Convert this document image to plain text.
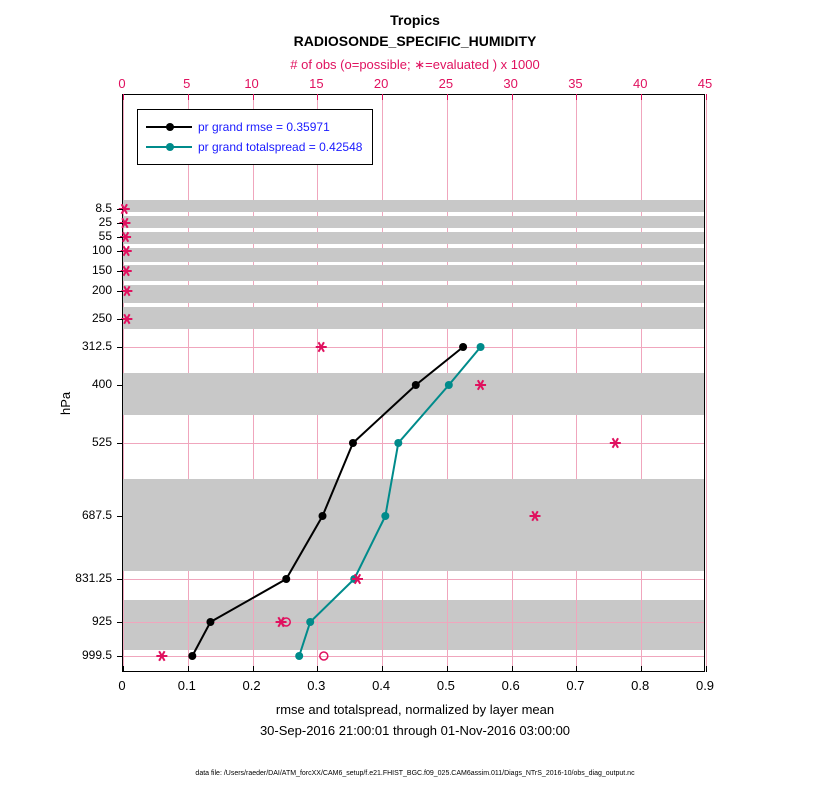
Tropics
RADIOSONDE_SPECIFIC_HUMIDITY
# of obs (o=possible; ∗=evaluated ) x 1000
pr grand rmse = 0.35971
pr grand totalspread = 0.42548
hPa
rmse and totalspread, normalized by layer mean
30-Sep-2016 21:00:01 through 01-Nov-2016 03:00:00
data file: /Users/raeder/DAI/ATM_forcXX/CAM6_setup/f.e21.FHIST_BGC.f09_025.CAM6assim.011/Diags_NTrS_2016-10/obs_diag_output.nc
0	0.1	0.2	0.3	0.4	0.5	0.6	0.7	0.8	0.9
0	5	10	15	20	25	30	35	40	45
8.5
25
55
100
150
200
250
312.5
400
525
687.5
831.25
925
999.5
